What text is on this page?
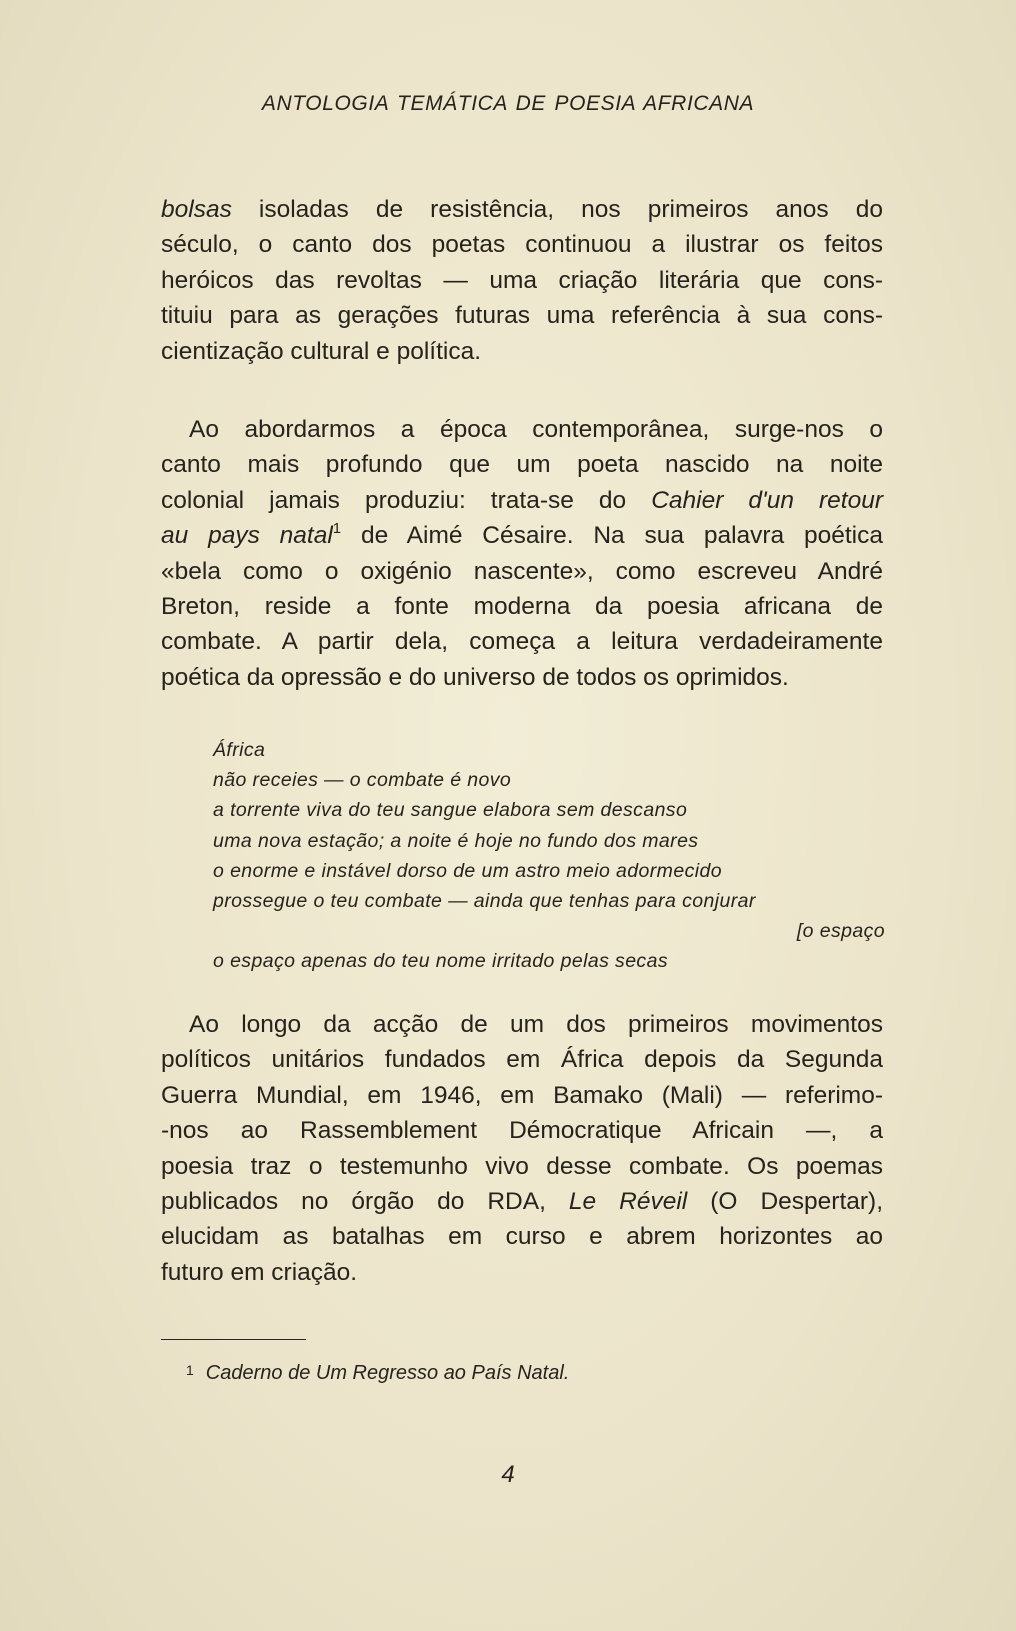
ANTOLOGIA TEMÁTICA DE POESIA AFRICANA
bolsas isoladas de resistência, nos primeiros anos do
século, o canto dos poetas continuou a ilustrar os feitos
heróicos das revoltas — uma criação literária que cons-
tituiu para as gerações futuras uma referência à sua cons-
cientização cultural e política.
Ao abordarmos a época contemporânea, surge-nos o
canto mais profundo que um poeta nascido na noite
colonial jamais produziu: trata-se do Cahier d'un retour
au pays natal$^1$ de Aimé Césaire. Na sua palavra poética
«bela como o oxigénio nascente», como escreveu André
Breton, reside a fonte moderna da poesia africana de
combate. A partir dela, começa a leitura verdadeiramente
poética da opressão e do universo de todos os oprimidos.
África
não receies — o combate é novo
a torrente viva do teu sangue elabora sem descanso
uma nova estação; a noite é hoje no fundo dos mares
o enorme e instável dorso de um astro meio adormecido
prossegue o teu combate — ainda que tenhas para conjurar
[o espaço
o espaço apenas do teu nome irritado pelas secas
Ao longo da acção de um dos primeiros movimentos
políticos unitários fundados em África depois da Segunda
Guerra Mundial, em 1946, em Bamako (Mali) — referimo-
-nos ao Rassemblement Démocratique Africain —, a
poesia traz o testemunho vivo desse combate. Os poemas
publicados no órgão do RDA, Le Réveil (O Despertar),
elucidam as batalhas em curso e abrem horizontes ao
futuro em criação.
$^1$ Caderno de Um Regresso ao País Natal.
4
